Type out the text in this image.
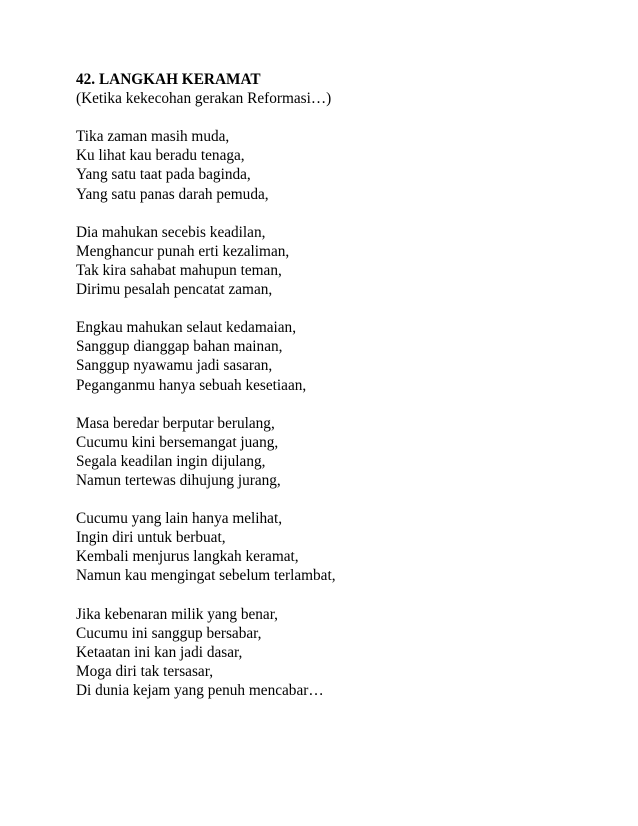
42. LANGKAH KERAMAT
(Ketika kekecohan gerakan Reformasi…)
Tika zaman masih muda,
Ku lihat kau beradu tenaga,
Yang satu taat pada baginda,
Yang satu panas darah pemuda,
Dia mahukan secebis keadilan,
Menghancur punah erti kezaliman,
Tak kira sahabat mahupun teman,
Dirimu pesalah pencatat zaman,
Engkau mahukan selaut kedamaian,
Sanggup dianggap bahan mainan,
Sanggup nyawamu jadi sasaran,
Peganganmu hanya sebuah kesetiaan,
Masa beredar berputar berulang,
Cucumu kini bersemangat juang,
Segala keadilan ingin dijulang,
Namun tertewas dihujung jurang,
Cucumu yang lain hanya melihat,
Ingin diri untuk berbuat,
Kembali menjurus langkah keramat,
Namun kau mengingat sebelum terlambat,
Jika kebenaran milik yang benar,
Cucumu ini sanggup bersabar,
Ketaatan ini kan jadi dasar,
Moga diri tak tersasar,
Di dunia kejam yang penuh mencabar…
